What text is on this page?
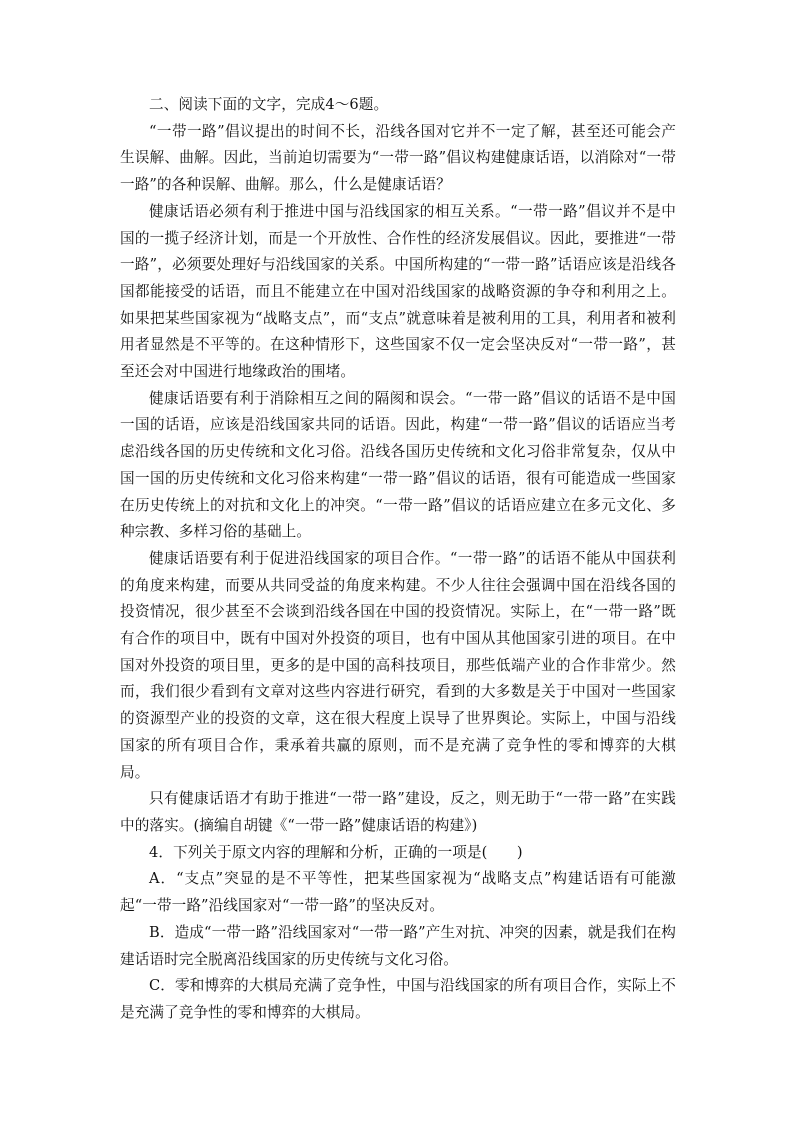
二、阅读下面的文字，完成4～6题。

“一带一路”倡议提出的时间不长，沿线各国对它并不一定了解，甚至还可能会产生误解、曲解。因此，当前迫切需要为“一带一路”倡议构建健康话语，以消除对“一带一路”的各种误解、曲解。那么，什么是健康话语？

健康话语必须有利于推进中国与沿线国家的相互关系。“一带一路”倡议并不是中国的一揽子经济计划，而是一个开放性、合作性的经济发展倡议。因此，要推进“一带一路”，必须要处理好与沿线国家的关系。中国所构建的“一带一路”话语应该是沿线各国都能接受的话语，而且不能建立在中国对沿线国家的战略资源的争夺和利用之上。如果把某些国家视为“战略支点”，而“支点”就意味着是被利用的工具，利用者和被利用者显然是不平等的。在这种情形下，这些国家不仅一定会坚决反对“一带一路”，甚至还会对中国进行地缘政治的围堵。

健康话语要有利于消除相互之间的隔阂和误会。“一带一路”倡议的话语不是中国一国的话语，应该是沿线国家共同的话语。因此，构建“一带一路”倡议的话语应当考虑沿线各国的历史传统和文化习俗。沿线各国历史传统和文化习俗非常复杂，仅从中国一国的历史传统和文化习俗来构建“一带一路”倡议的话语，很有可能造成一些国家在历史传统上的对抗和文化上的冲突。“一带一路”倡议的话语应建立在多元文化、多种宗教、多样习俗的基础上。

健康话语要有利于促进沿线国家的项目合作。“一带一路”的话语不能从中国获利的角度来构建，而要从共同受益的角度来构建。不少人往往会强调中国在沿线各国的投资情况，很少甚至不会谈到沿线各国在中国的投资情况。实际上，在“一带一路”既有合作的项目中，既有中国对外投资的项目，也有中国从其他国家引进的项目。在中国对外投资的项目里，更多的是中国的高科技项目，那些低端产业的合作非常少。然而，我们很少看到有文章对这些内容进行研究，看到的大多数是关于中国对一些国家的资源型产业的投资的文章，这在很大程度上误导了世界舆论。实际上，中国与沿线国家的所有项目合作，秉承着共赢的原则，而不是充满了竞争性的零和博弈的大棋局。

只有健康话语才有助于推进“一带一路”建设，反之，则无助于“一带一路”在实践中的落实。(摘编自胡键《“一带一路”健康话语的构建》)

4．下列关于原文内容的理解和分析，正确的一项是(　　)

A．“支点”突显的是不平等性，把某些国家视为“战略支点”构建话语有可能激起“一带一路”沿线国家对“一带一路”的坚决反对。

B．造成“一带一路”沿线国家对“一带一路”产生对抗、冲突的因素，就是我们在构建话语时完全脱离沿线国家的历史传统与文化习俗。

C．零和博弈的大棋局充满了竞争性，中国与沿线国家的所有项目合作，实际上不是充满了竞争性的零和博弈的大棋局。
